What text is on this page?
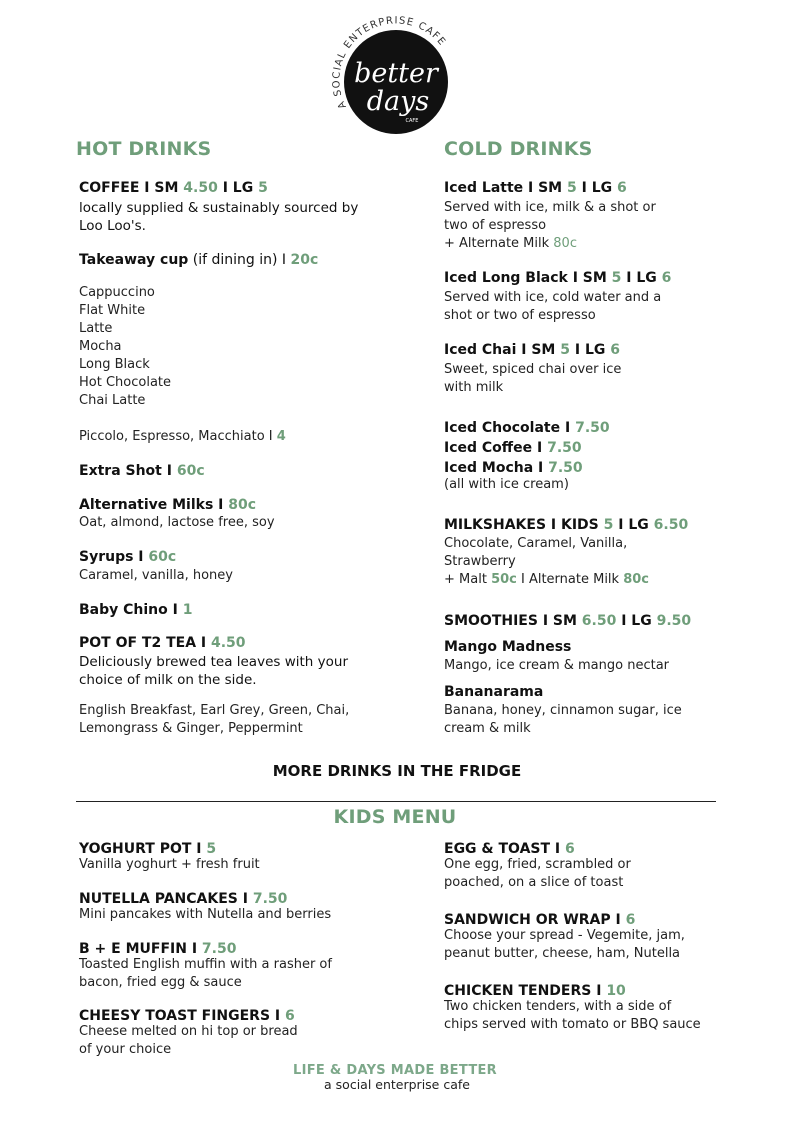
A SOCIAL ENTERPRISE CAFE
better
days
CAFE
HOT DRINKS
COFFEE I SM 4.50 I LG 5
locally supplied & sustainably sourced by
Loo Loo's.
Takeaway cup (if dining in) I 20c
Cappuccino
Flat White
Latte
Mocha
Long Black
Hot Chocolate
Chai Latte
Piccolo, Espresso, Macchiato I 4
Extra Shot I 60c
Alternative Milks I 80c
Oat, almond, lactose free, soy
Syrups I 60c
Caramel, vanilla, honey
Baby Chino I 1
POT OF T2 TEA I 4.50
Deliciously brewed tea leaves with your
choice of milk on the side.
English Breakfast, Earl Grey, Green, Chai,
Lemongrass & Ginger, Peppermint
COLD DRINKS
Iced Latte I SM 5 I LG 6
Served with ice, milk & a shot or
two of espresso
+ Alternate Milk 80c
Iced Long Black I SM 5 I LG 6
Served with ice, cold water and a
shot or two of espresso
Iced Chai I SM 5 I LG 6
Sweet, spiced chai over ice
with milk
Iced Chocolate I 7.50
Iced Coffee I 7.50
Iced Mocha I 7.50
(all with ice cream)
MILKSHAKES I KIDS 5 I LG 6.50
Chocolate, Caramel, Vanilla,
Strawberry
+ Malt 50c I Alternate Milk 80c
SMOOTHIES I SM 6.50 I LG 9.50
Mango Madness
Mango, ice cream & mango nectar
Bananarama
Banana, honey, cinnamon sugar, ice
cream & milk
MORE DRINKS IN THE FRIDGE
KIDS MENU
YOGHURT POT I 5
Vanilla yoghurt + fresh fruit
NUTELLA PANCAKES I 7.50
Mini pancakes with Nutella and berries
B + E MUFFIN I 7.50
Toasted English muffin with a rasher of
bacon, fried egg & sauce
CHEESY TOAST FINGERS I 6
Cheese melted on hi top or bread
of your choice
EGG & TOAST I 6
One egg, fried, scrambled or
poached, on a slice of toast
SANDWICH OR WRAP I 6
Choose your spread - Vegemite, jam,
peanut butter, cheese, ham, Nutella
CHICKEN TENDERS I 10
Two chicken tenders, with a side of
chips served with tomato or BBQ sauce
LIFE & DAYS MADE BETTER
a social enterprise cafe
